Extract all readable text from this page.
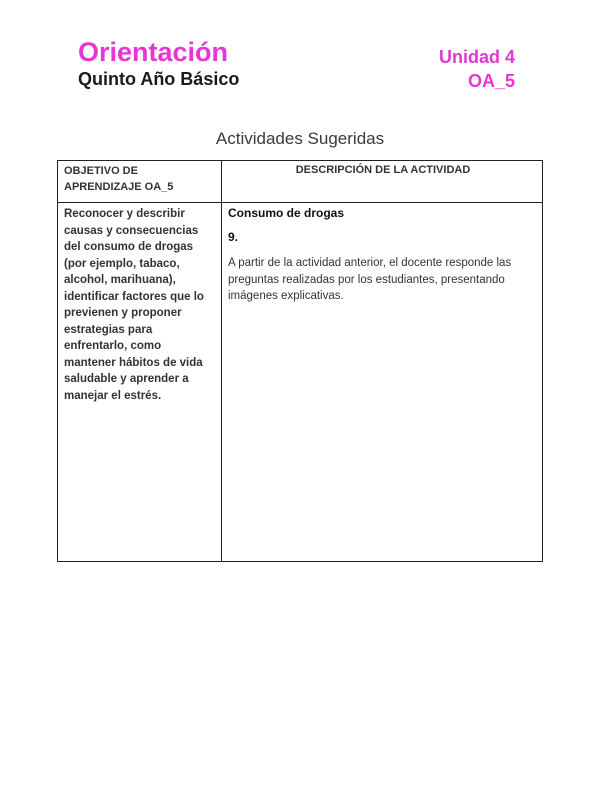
Orientación
Quinto Año Básico
Unidad 4
OA_5
Actividades Sugeridas
OBJETIVO DE APRENDIZAJE OA_5
DESCRIPCIÓN DE LA ACTIVIDAD
Reconocer y describir causas y consecuencias del consumo de drogas (por ejemplo, tabaco, alcohol, marihuana), identificar factores que lo previenen y proponer estrategias para enfrentarlo, como mantener hábitos de vida saludable y aprender a manejar el estrés.
Consumo de drogas
9.
A partir de la actividad anterior, el docente responde las preguntas realizadas por los estudiantes, presentando imágenes explicativas.
